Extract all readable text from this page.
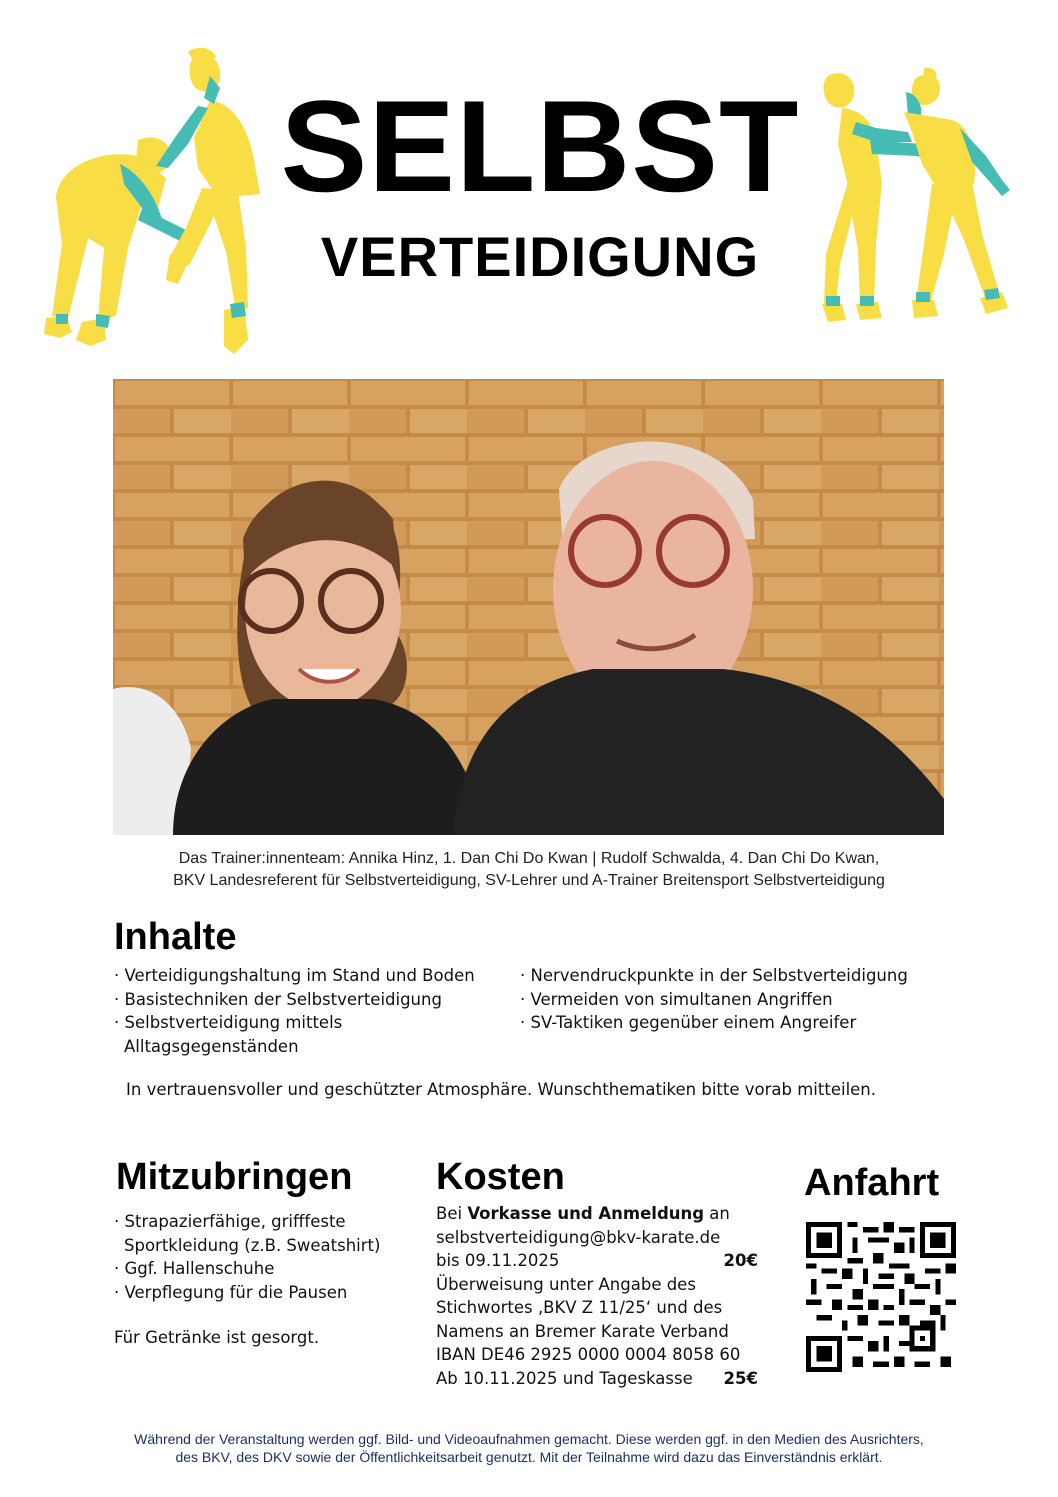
SELBST
VERTEIDIGUNG
Das Trainer:innenteam: Annika Hinz, 1. Dan Chi Do Kwan | Rudolf Schwalda, 4. Dan Chi Do Kwan,
BKV Landesreferent für Selbstverteidigung, SV-Lehrer und A-Trainer Breitensport Selbstverteidigung
Inhalte
· Verteidigungshaltung im Stand und Boden
· Basistechniken der Selbstverteidigung
· Selbstverteidigung mittels Alltagsgegenständen
· Nervendruckpunkte in der Selbstverteidigung
· Vermeiden von simultanen Angriffen
· SV-Taktiken gegenüber einem Angreifer
In vertrauensvoller und geschützter Atmosphäre. Wunschthematiken bitte vorab mitteilen.
Mitzubringen
· Strapazierfähige, grifffeste Sportkleidung (z.B. Sweatshirt)
· Ggf. Hallenschuhe
· Verpflegung für die Pausen
Für Getränke ist gesorgt.
Kosten
Bei Vorkasse und Anmeldung an
selbstverteidigung@bkv-karate.de
bis 09.11.2025	20€
Überweisung unter Angabe des
Stichwortes ‚BKV Z 11/25‘ und des
Namens an Bremer Karate Verband
IBAN DE46 2925 0000 0004 8058 60
Ab 10.11.2025 und Tageskasse 25€
Anfahrt
Während der Veranstaltung werden ggf. Bild- und Videoaufnahmen gemacht. Diese werden ggf. in den Medien des Ausrichters,
des BKV, des DKV sowie der Öffentlichkeitsarbeit genutzt. Mit der Teilnahme wird dazu das Einverständnis erklärt.
